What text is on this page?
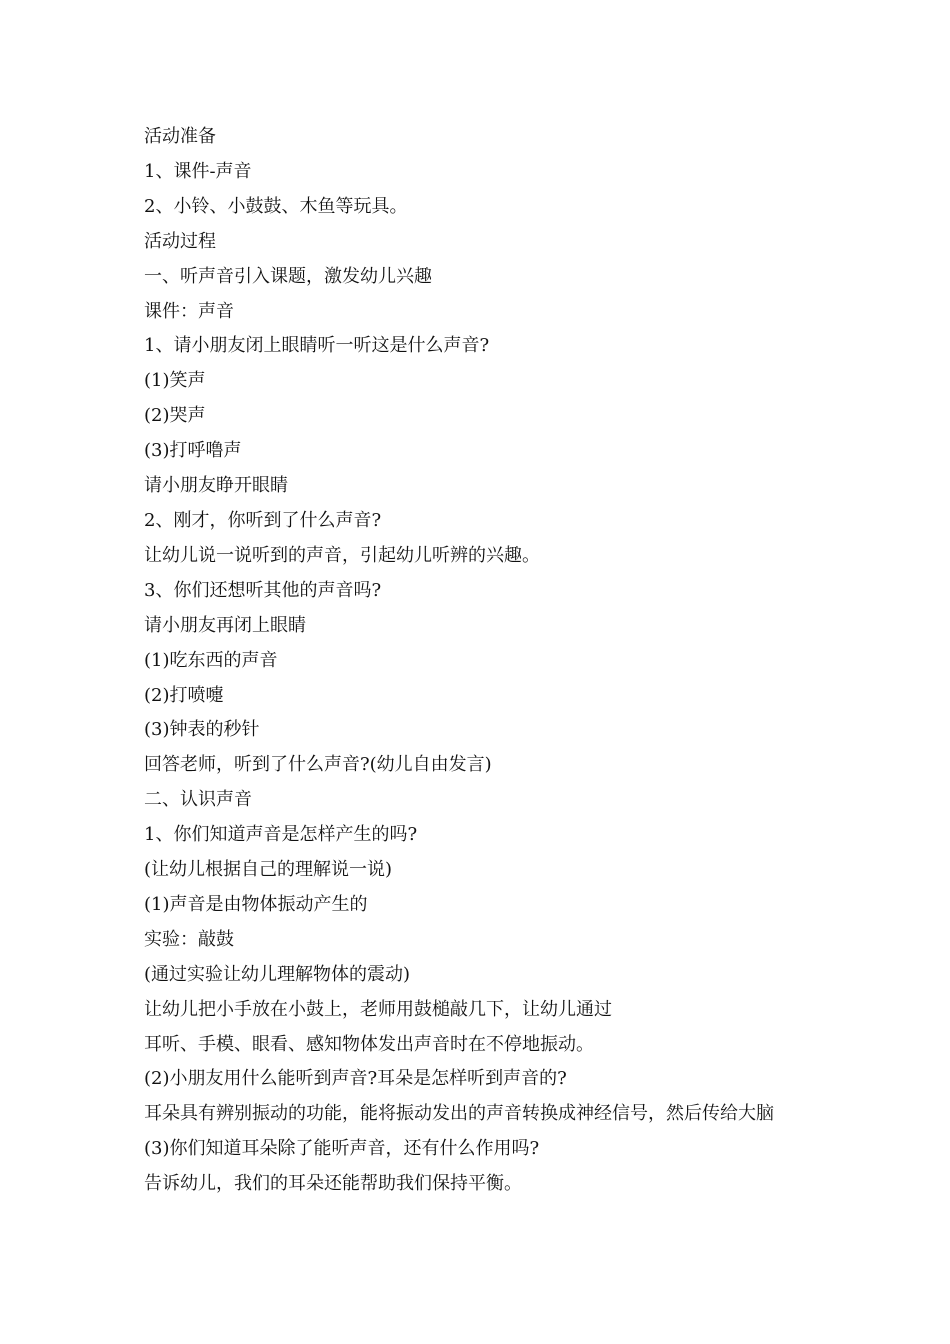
活动准备

1、课件-声音

2、小铃、小鼓鼓、木鱼等玩具。

活动过程

一、听声音引入课题，激发幼儿兴趣

课件：声音

1、请小朋友闭上眼睛听一听这是什么声音?

(1)笑声

(2)哭声

(3)打呼噜声

请小朋友睁开眼睛

2、刚才，你听到了什么声音?

让幼儿说一说听到的声音，引起幼儿听辨的兴趣。

3、你们还想听其他的声音吗?

请小朋友再闭上眼睛

(1)吃东西的声音

(2)打喷嚏

(3)钟表的秒针

回答老师，听到了什么声音?(幼儿自由发言)

二、认识声音

1、你们知道声音是怎样产生的吗?

(让幼儿根据自己的理解说一说)

(1)声音是由物体振动产生的

实验：敲鼓

(通过实验让幼儿理解物体的震动)

让幼儿把小手放在小鼓上，老师用鼓槌敲几下，让幼儿通过

耳听、手模、眼看、感知物体发出声音时在不停地振动。

(2)小朋友用什么能听到声音?耳朵是怎样听到声音的?

耳朵具有辨别振动的功能，能将振动发出的声音转换成神经信号，然后传给大脑

(3)你们知道耳朵除了能听声音，还有什么作用吗?

告诉幼儿，我们的耳朵还能帮助我们保持平衡。
